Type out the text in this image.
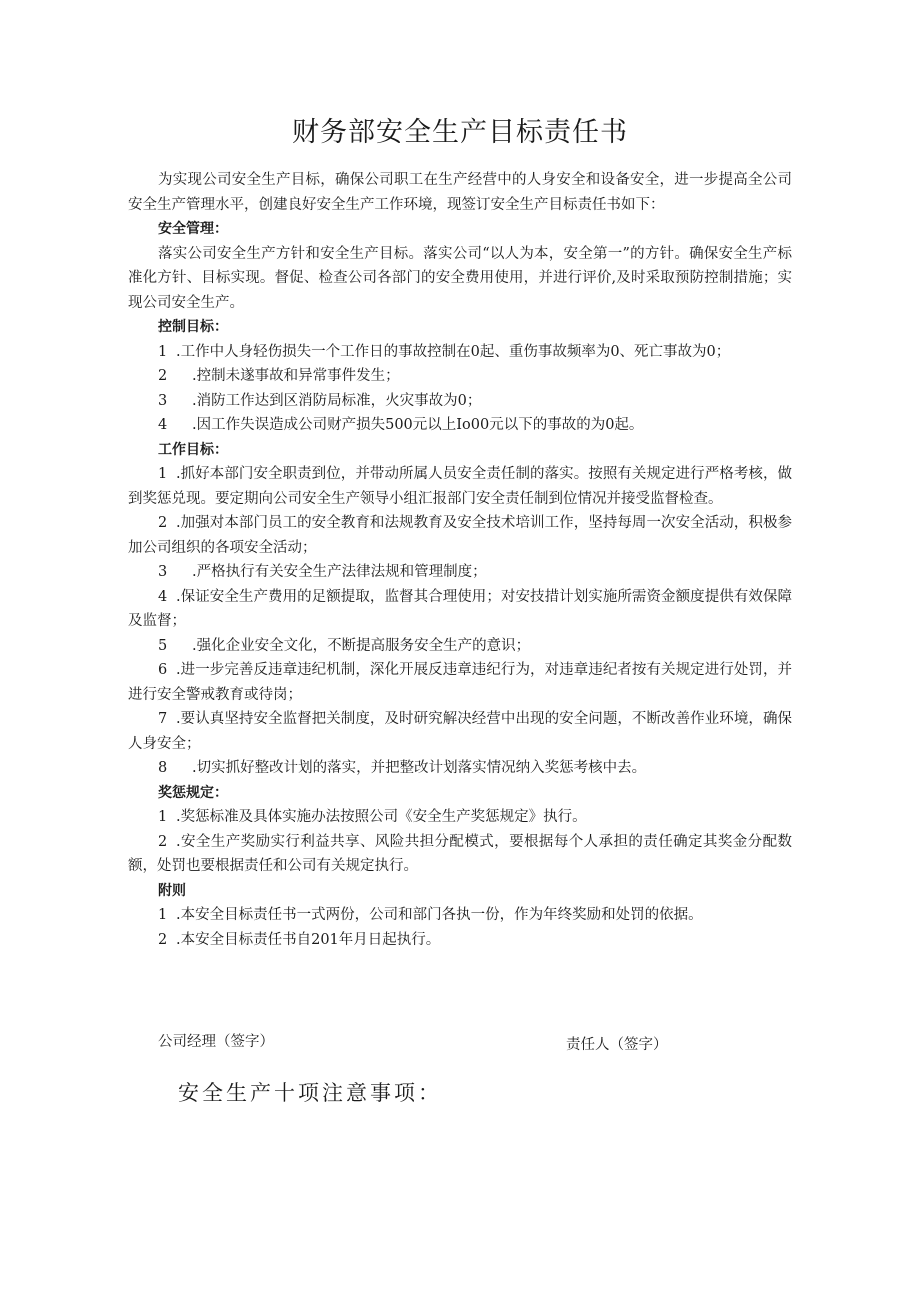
财务部安全生产目标责任书

为实现公司安全生产目标，确保公司职工在生产经营中的人身安全和设备安全，进一步提高全公司安全生产管理水平，创建良好安全生产工作环境，现签订安全生产目标责任书如下：

安全管理：

落实公司安全生产方针和安全生产目标。落实公司“以人为本，安全第一”的方针。确保安全生产标准化方针、目标实现。督促、检查公司各部门的安全费用使用，并进行评价,及时采取预防控制措施；实现公司安全生产。

控制目标：

1 .工作中人身轻伤损失一个工作日的事故控制在0起、重伤事故频率为0、死亡事故为0；

2 .控制未遂事故和异常事件发生；

3 .消防工作达到区消防局标准，火灾事故为0；

4 .因工作失误造成公司财产损失500元以上Io00元以下的事故的为0起。

工作目标：

1 .抓好本部门安全职责到位，并带动所属人员安全责任制的落实。按照有关规定进行严格考核，做到奖惩兑现。要定期向公司安全生产领导小组汇报部门安全责任制到位情况并接受监督检查。

2 .加强对本部门员工的安全教育和法规教育及安全技术培训工作，坚持每周一次安全活动，积极参加公司组织的各项安全活动；

3 .严格执行有关安全生产法律法规和管理制度；

4 .保证安全生产费用的足额提取，监督其合理使用；对安技措计划实施所需资金额度提供有效保障及监督；

5 .强化企业安全文化，不断提高服务安全生产的意识；

6 .进一步完善反违章违纪机制，深化开展反违章违纪行为，对违章违纪者按有关规定进行处罚，并进行安全警戒教育或待岗；

7 .要认真坚持安全监督把关制度，及时研究解决经营中出现的安全问题，不断改善作业环境，确保人身安全；

8 .切实抓好整改计划的落实，并把整改计划落实情况纳入奖惩考核中去。

奖惩规定：

1 .奖惩标准及具体实施办法按照公司《安全生产奖惩规定》执行。

2 .安全生产奖励实行利益共享、风险共担分配模式，要根据每个人承担的责任确定其奖金分配数额，处罚也要根据责任和公司有关规定执行。

附则

1 .本安全目标责任书一式两份，公司和部门各执一份，作为年终奖励和处罚的依据。

2 .本安全目标责任书自201年月日起执行。

公司经理（签字）	责任人（签字）
安全生产十项注意事项：
